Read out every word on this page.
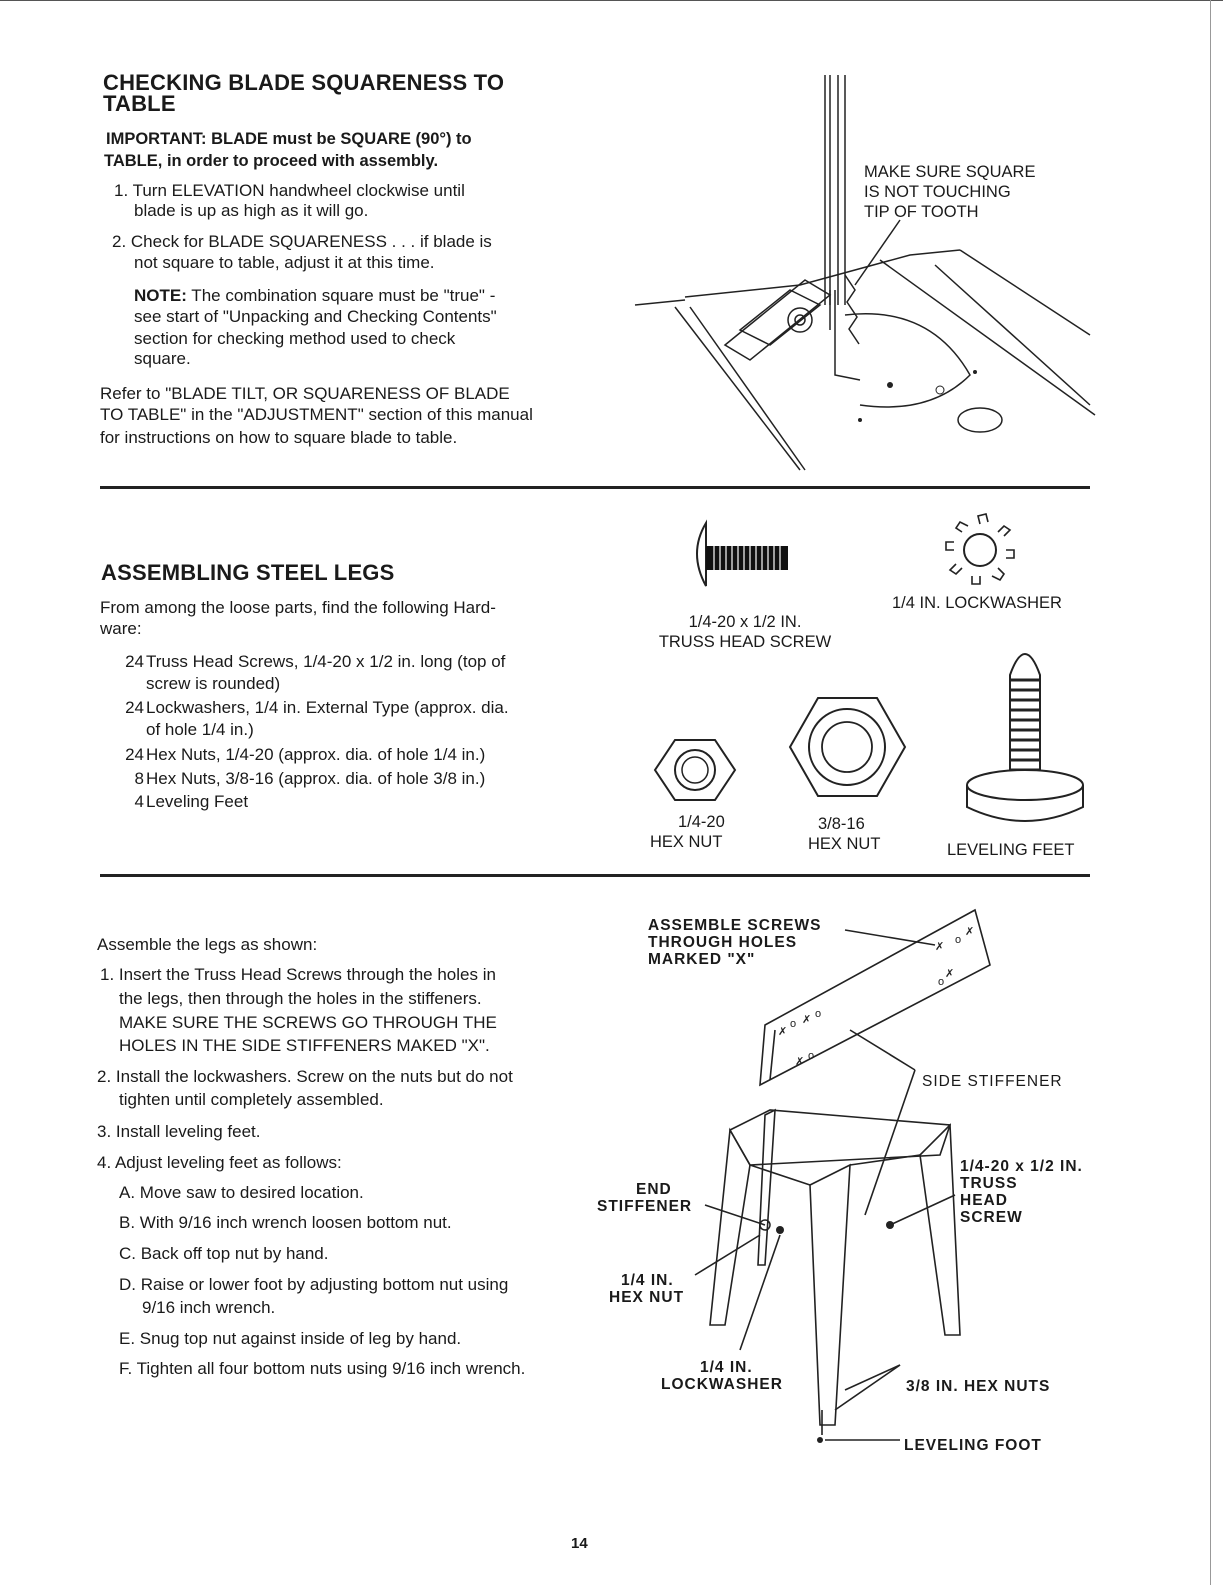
CHECKING BLADE SQUARENESS TO
TABLE
IMPORTANT: BLADE must be SQUARE (90°) to
TABLE, in order to proceed with assembly.
1. Turn ELEVATION handwheel clockwise until
blade is up as high as it will go.
2. Check for BLADE SQUARENESS . . . if blade is
not square to table, adjust it at this time.
NOTE: The combination square must be "true" -
see start of "Unpacking and Checking Contents"
section for checking method used to check
square.
Refer to "BLADE TILT, OR SQUARENESS OF BLADE
TO TABLE" in the "ADJUSTMENT" section of this manual
for instructions on how to square blade to table.
MAKE SURE SQUARE
IS NOT TOUCHING
TIP OF TOOTH
ASSEMBLING STEEL LEGS
From among the loose parts, find the following Hard-
ware:
24 Truss Head Screws, 1/4-20 x 1/2 in. long (top of
screw is rounded)
24 Lockwashers, 1/4 in. External Type (approx. dia.
of hole 1/4 in.)
24 Hex Nuts, 1/4-20 (approx. dia. of hole 1/4 in.)
8 Hex Nuts, 3/8-16 (approx. dia. of hole 3/8 in.)
4 Leveling Feet
1/4-20 x 1/2 IN.
TRUSS HEAD SCREW
1/4 IN. LOCKWASHER
1/4-20
HEX NUT
3/8-16
HEX NUT	LEVELING FEET
Assemble the legs as shown:
1. Insert the Truss Head Screws through the holes in
the legs, then through the holes in the stiffeners.
MAKE SURE THE SCREWS GO THROUGH THE
HOLES IN THE SIDE STIFFENERS MAKED "X".
2. Install the lockwashers. Screw on the nuts but do not
tighten until completely assembled.
3. Install leveling feet.
4. Adjust leveling feet as follows:
A. Move saw to desired location.
B. With 9/16 inch wrench loosen bottom nut.
C. Back off top nut by hand.
D. Raise or lower foot by adjusting bottom nut using
9/16 inch wrench.
E. Snug top nut against inside of leg by hand.
F. Tighten all four bottom nuts using 9/16 inch wrench.
✗
o
✗
✗
o
✗
o ✗ o
✗ o
ASSEMBLE SCREWS
THROUGH HOLES
MARKED "X"
SIDE STIFFENER
END
STIFFENER
1/4-20 x 1/2 IN.
TRUSS
HEAD
SCREW
1/4 IN.
HEX NUT
1/4 IN.
LOCKWASHER	3/8 IN. HEX NUTS
LEVELING FOOT
14
